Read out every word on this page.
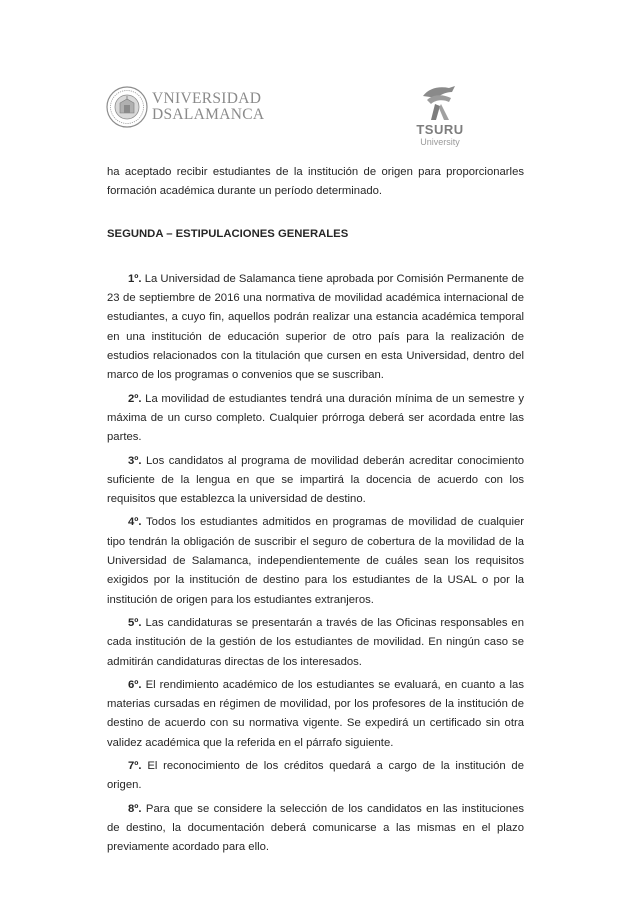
VNIVERSIDAD
DSALAMANCA
TSURU
University

ha aceptado recibir estudiantes de la institución de origen para proporcionarles formación académica durante un período determinado.

SEGUNDA – ESTIPULACIONES GENERALES

1º. La Universidad de Salamanca tiene aprobada por Comisión Permanente de 23 de septiembre de 2016 una normativa de movilidad académica internacional de estudiantes, a cuyo fin, aquellos podrán realizar una estancia académica temporal en una institución de educación superior de otro país para la realización de estudios relacionados con la titulación que cursen en esta Universidad, dentro del marco de los programas o convenios que se suscriban.

2º. La movilidad de estudiantes tendrá una duración mínima de un semestre y máxima de un curso completo. Cualquier prórroga deberá ser acordada entre las partes.

3º. Los candidatos al programa de movilidad deberán acreditar conocimiento suficiente de la lengua en que se impartirá la docencia de acuerdo con los requisitos que establezca la universidad de destino.

4º. Todos los estudiantes admitidos en programas de movilidad de cualquier tipo tendrán la obligación de suscribir el seguro de cobertura de la movilidad de la Universidad de Salamanca, independientemente de cuáles sean los requisitos exigidos por la institución de destino para los estudiantes de la USAL o por la institución de origen para los estudiantes extranjeros.

5º. Las candidaturas se presentarán a través de las Oficinas responsables en cada institución de la gestión de los estudiantes de movilidad. En ningún caso se admitirán candidaturas directas de los interesados.

6º. El rendimiento académico de los estudiantes se evaluará, en cuanto a las materias cursadas en régimen de movilidad, por los profesores de la institución de destino de acuerdo con su normativa vigente. Se expedirá un certificado sin otra validez académica que la referida en el párrafo siguiente.

7º. El reconocimiento de los créditos quedará a cargo de la institución de origen.

8º. Para que se considere la selección de los candidatos en las instituciones de destino, la documentación deberá comunicarse a las mismas en el plazo previamente acordado para ello.
